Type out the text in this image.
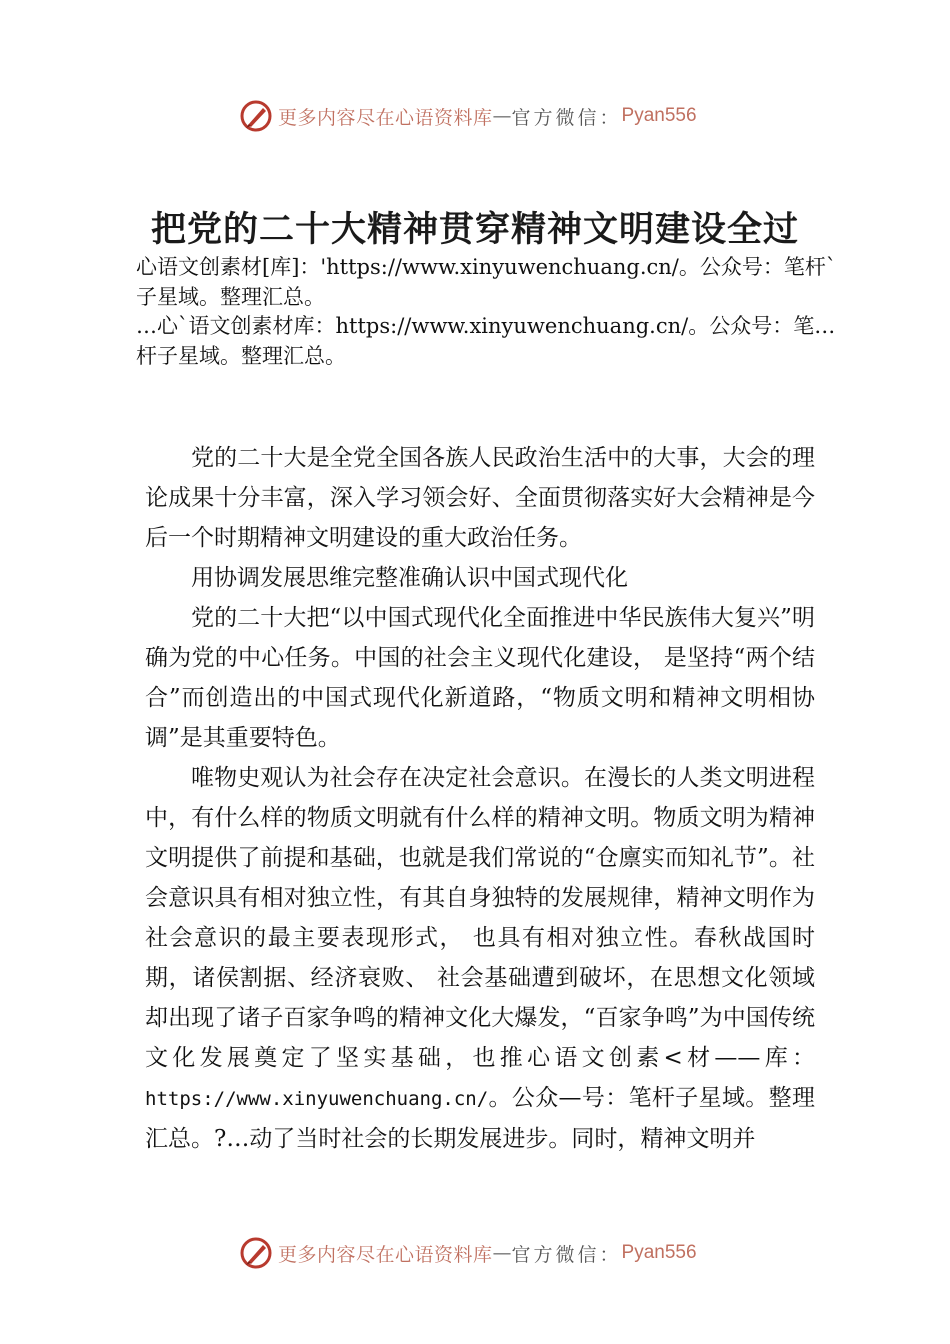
更多内容尽在心语资料库 — 官方微信： Pyan556
把党的二十大精神贯穿精神文明建设全过

心语文创素材[库]：'https://www.xinyuwenchuang.cn/。公众号：笔杆`子星域。整理汇总。

…心`语文创素材库：https://www.xinyuwenchuang.cn/。公众号：笔…杆子星域。整理汇总。

党的二十大是全党全国各族人民政治生活中的大事，大会的理论成果十分丰富，深入学习领会好、全面贯彻落实好大会精神是今后一个时期精神文明建设的重大政治任务。

用协调发展思维完整准确认识中国式现代化

党的二十大把“以中国式现代化全面推进中华民族伟大复兴”明确为党的中心任务。中国的社会主义现代化建设， 是坚持“两个结合”而创造出的中国式现代化新道路，“物质文明和精神文明相协调”是其重要特色。

唯物史观认为社会存在决定社会意识。在漫长的人类文明进程中，有什么样的物质文明就有什么样的精神文明。物质文明为精神文明提供了前提和基础，也就是我们常说的“仓廪实而知礼节”。社会意识具有相对独立性，有其自身独特的发展规律，精神文明作为社会意识的最主要表现形式， 也具有相对独立性。春秋战国时期，诸侯割据、经济衰败、 社会基础遭到破坏，在思想文化领域却出现了诸子百家争鸣的精神文化大爆发，“百家争鸣”为中国传统文化发展奠定了坚实基础，也推心语文创素<材——库：https://www.xinyuwenchuang.cn/。公众—号：笔杆子星域。整理汇总。?…动了当时社会的长期发展进步。同时，精神文明并

更多内容尽在心语资料库 — 官方微信： Pyan556
